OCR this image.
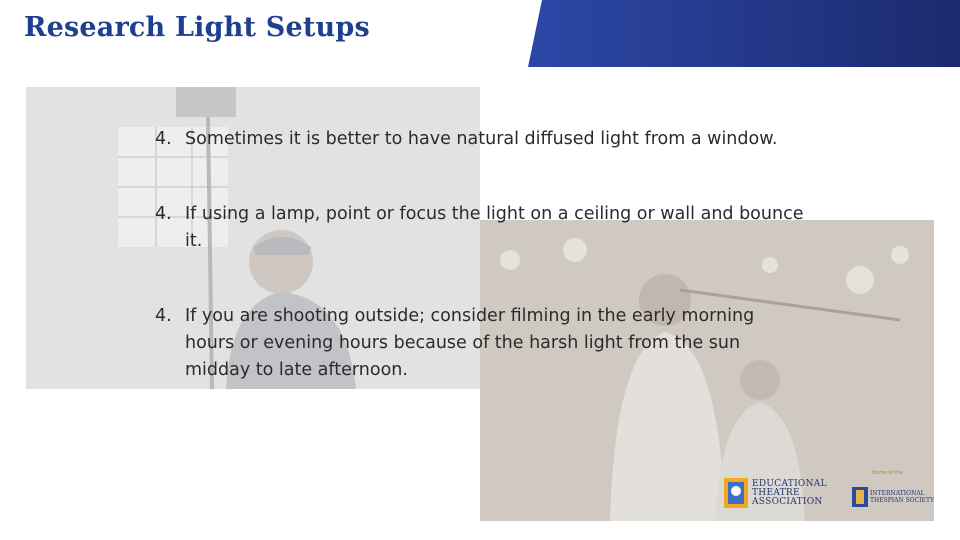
Research Light Setups
4. Sometimes it is better to have natural diffused light from a window.
4. If using a lamp, point or focus the light on a ceiling or wall and bounce it.
4. If you are shooting outside; consider filming in the early morning hours or evening hours because of the harsh light from the sun midday to late afternoon.
EDUCATIONAL
THEATRE
ASSOCIATION
Home of the
INTERNATIONAL
THESPIAN SOCIETY
